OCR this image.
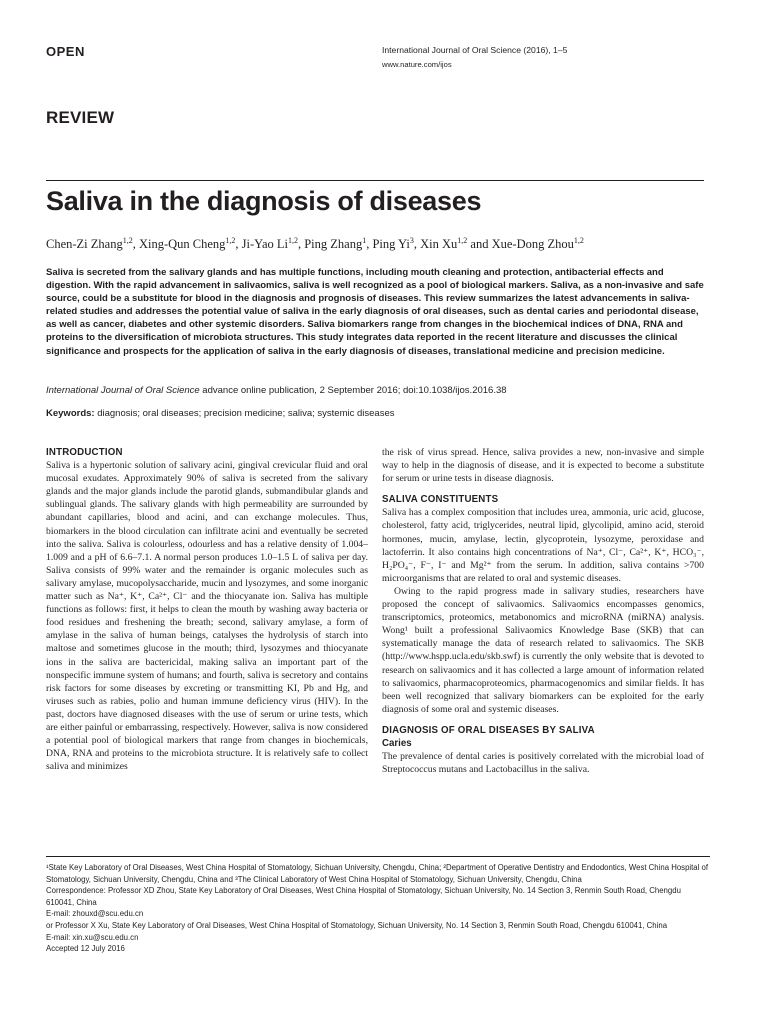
OPEN	International Journal of Oral Science (2016), 1–5
www.nature.com/ijos
REVIEW
Saliva in the diagnosis of diseases
Chen-Zi Zhang$^{1,2}$, Xing-Qun Cheng$^{1,2}$, Ji-Yao Li$^{1,2}$, Ping Zhang$^1$, Ping Yi$^3$, Xin Xu$^{1,2}$ and Xue-Dong Zhou$^{1,2}$
Saliva is secreted from the salivary glands and has multiple functions, including mouth cleaning and protection, antibacterial effects and digestion. With the rapid advancement in salivaomics, saliva is well recognized as a pool of biological markers. Saliva, as a non-invasive and safe source, could be a substitute for blood in the diagnosis and prognosis of diseases. This review summarizes the latest advancements in saliva-related studies and addresses the potential value of saliva in the early diagnosis of oral diseases, such as dental caries and periodontal disease, as well as cancer, diabetes and other systemic disorders. Saliva biomarkers range from changes in the biochemical indices of DNA, RNA and proteins to the diversification of microbiota structures. This study integrates data reported in the recent literature and discusses the clinical significance and prospects for the application of saliva in the early diagnosis of diseases, translational medicine and precision medicine.
International Journal of Oral Science advance online publication, 2 September 2016; doi:10.1038/ijos.2016.38
Keywords: diagnosis; oral diseases; precision medicine; saliva; systemic diseases
INTRODUCTION

Saliva is a hypertonic solution of salivary acini, gingival crevicular fluid and oral mucosal exudates. Approximately 90% of saliva is secreted from the salivary glands and the major glands include the parotid glands, submandibular glands and sublingual glands. The salivary glands with high permeability are surrounded by abundant capillaries, blood and acini, and can exchange molecules. Thus, biomarkers in the blood circulation can infiltrate acini and eventually be secreted into the saliva. Saliva is colourless, odourless and has a relative density of 1.004–1.009 and a pH of 6.6–7.1. A normal person produces 1.0–1.5 L of saliva per day. Saliva consists of 99% water and the remainder is organic molecules such as salivary amylase, mucopolysaccharide, mucin and lysozymes, and some inorganic matter such as Na⁺, K⁺, Ca²⁺, Cl⁻ and the thiocyanate ion. Saliva has multiple functions as follows: first, it helps to clean the mouth by washing away bacteria or food residues and freshening the breath; second, salivary amylase, a form of amylase in the saliva of human beings, catalyses the hydrolysis of starch into maltose and sometimes glucose in the mouth; third, lysozymes and thiocyanate ions in the saliva are bactericidal, making saliva an important part of the nonspecific immune system of humans; and fourth, saliva is secretory and contains risk factors for some diseases by excreting or transmitting KI, Pb and Hg, and viruses such as rabies, polio and human immune deficiency virus (HIV). In the past, doctors have diagnosed diseases with the use of serum or urine tests, which are either painful or embarrassing, respectively. However, saliva is now considered a potential pool of biological markers that range from changes in biochemicals, DNA, RNA and proteins to the microbiota structure. It is relatively safe to collect saliva and minimizes

the risk of virus spread. Hence, saliva provides a new, non-invasive and simple way to help in the diagnosis of disease, and it is expected to become a substitute for serum or urine tests in disease diagnosis.

SALIVA CONSTITUENTS

Saliva has a complex composition that includes urea, ammonia, uric acid, glucose, cholesterol, fatty acid, triglycerides, neutral lipid, glycolipid, amino acid, steroid hormones, mucin, amylase, lectin, glycoprotein, lysozyme, peroxidase and lactoferrin. It also contains high concentrations of Na⁺, Cl⁻, Ca²⁺, K⁺, HCO₃⁻, H₂PO₄⁻, F⁻, I⁻ and Mg²⁺ from the serum. In addition, saliva contains >700 microorganisms that are related to oral and systemic diseases.

Owing to the rapid progress made in salivary studies, researchers have proposed the concept of salivaomics. Salivaomics encompasses genomics, transcriptomics, proteomics, metabonomics and microRNA (miRNA) analysis. Wong¹ built a professional Salivaomics Knowledge Base (SKB) that can systematically manage the data of research related to salivaomics. The SKB (http://www.hspp.ucla.edu/skb.swf) is currently the only website that is devoted to research on salivaomics and it has collected a large amount of information related to salivaomics, pharmacoproteomics, pharmacogenomics and similar fields. It has been well recognized that salivary biomarkers can be exploited for the early diagnosis of some oral and systemic diseases.

DIAGNOSIS OF ORAL DISEASES BY SALIVA
Caries

The prevalence of dental caries is positively correlated with the microbial load of Streptococcus mutans and Lactobacillus in the saliva.

¹State Key Laboratory of Oral Diseases, West China Hospital of Stomatology, Sichuan University, Chengdu, China; ²Department of Operative Dentistry and Endodontics, West China Hospital of Stomatology, Sichuan University, Chengdu, China and ³The Clinical Laboratory of West China Hospital of Stomatology, Sichuan University, Chengdu, China
Correspondence: Professor XD Zhou, State Key Laboratory of Oral Diseases, West China Hospital of Stomatology, Sichuan University, No. 14 Section 3, Renmin South Road, Chengdu 610041, China
E-mail: zhouxd@scu.edu.cn
or Professor X Xu, State Key Laboratory of Oral Diseases, West China Hospital of Stomatology, Sichuan University, No. 14 Section 3, Renmin South Road, Chengdu 610041, China
E-mail: xin.xu@scu.edu.cn
Accepted 12 July 2016
